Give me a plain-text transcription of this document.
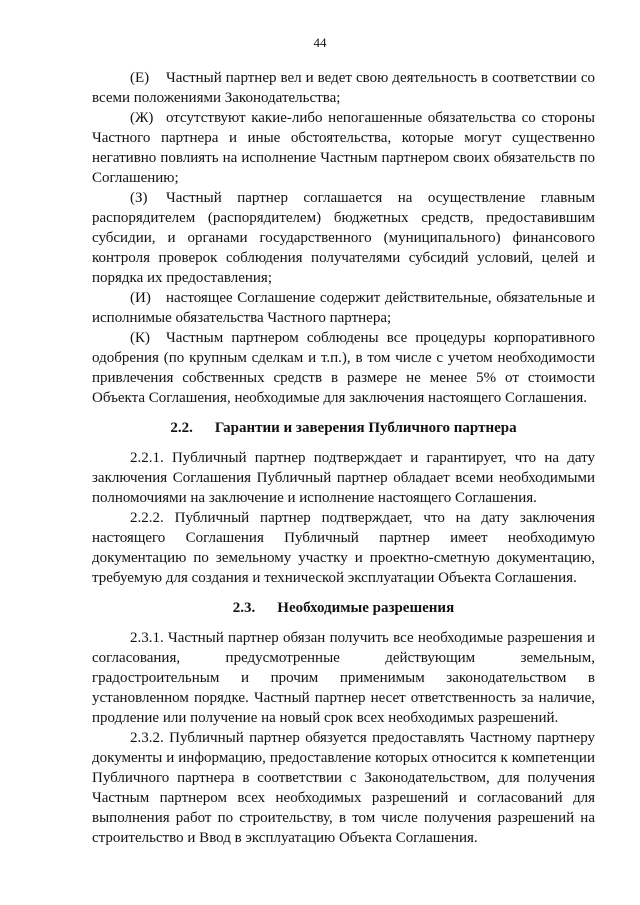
44

(Е) Частный партнер вел и ведет свою деятельность в соответствии со всеми положениями Законодательства;

(Ж) отсутствуют какие-либо непогашенные обязательства со стороны Частного партнера и иные обстоятельства, которые могут существенно негативно повлиять на исполнение Частным партнером своих обязательств по Соглашению;

(З) Частный партнер соглашается на осуществление главным распорядителем (распорядителем) бюджетных средств, предоставившим субсидии, и органами государственного (муниципального) финансового контроля проверок соблюдения получателями субсидий условий, целей и порядка их предоставления;

(И) настоящее Соглашение содержит действительные, обязательные и исполнимые обязательства Частного партнера;

(К) Частным партнером соблюдены все процедуры корпоративного одобрения (по крупным сделкам и т.п.), в том числе с учетом необходимости привлечения собственных средств в размере не менее 5% от стоимости Объекта Соглашения, необходимые для заключения настоящего Соглашения.

2.2. Гарантии и заверения Публичного партнера

2.2.1. Публичный партнер подтверждает и гарантирует, что на дату заключения Соглашения Публичный партнер обладает всеми необходимыми полномочиями на заключение и исполнение настоящего Соглашения.

2.2.2. Публичный партнер подтверждает, что на дату заключения настоящего Соглашения Публичный партнер имеет необходимую документацию по земельному участку и проектно-сметную документацию, требуемую для создания и технической эксплуатации Объекта Соглашения.

2.3. Необходимые разрешения

2.3.1. Частный партнер обязан получить все необходимые разрешения и согласования, предусмотренные действующим земельным, градостроительным и прочим применимым законодательством в установленном порядке. Частный партнер несет ответственность за наличие, продление или получение на новый срок всех необходимых разрешений.

2.3.2. Публичный партнер обязуется предоставлять Частному партнеру документы и информацию, предоставление которых относится к компетенции Публичного партнера в соответствии с Законодательством, для получения Частным партнером всех необходимых разрешений и согласований для выполнения работ по строительству, в том числе получения разрешений на строительство и Ввод в эксплуатацию Объекта Соглашения.
